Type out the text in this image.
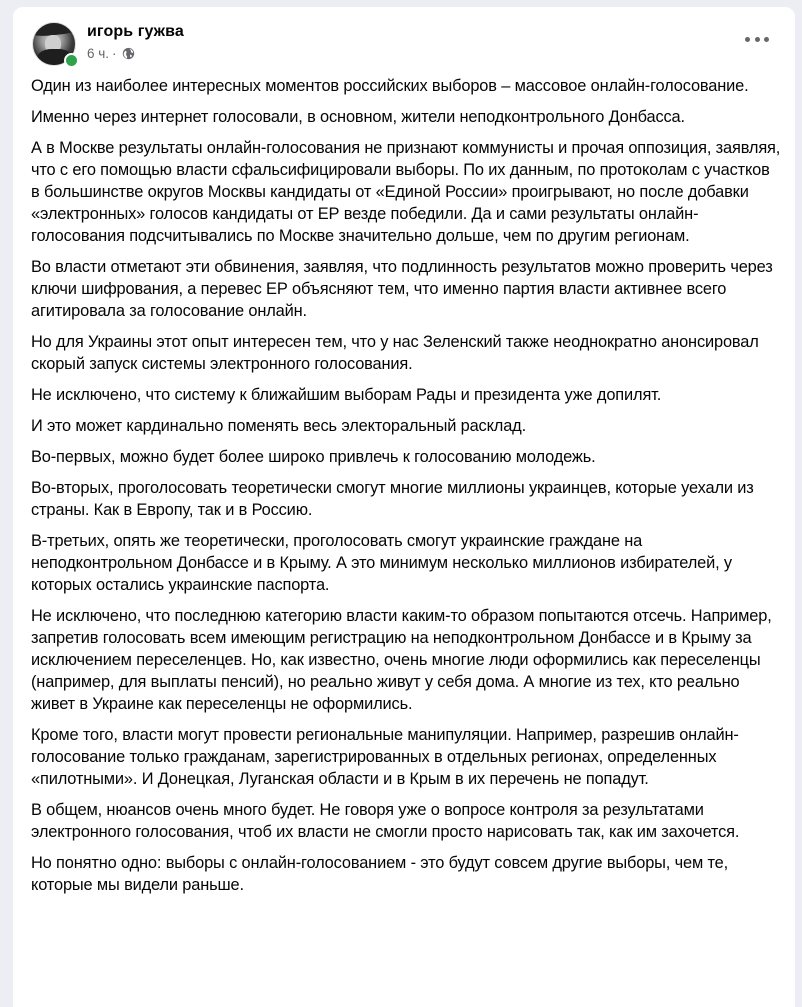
игорь гужва
6 ч. ·

Один из наиболее интересных моментов российских выборов – массовое онлайн-голосование.

Именно через интернет голосовали, в основном, жители неподконтрольного Донбасса.

А в Москве результаты онлайн-голосования не признают коммунисты и прочая оппозиция, заявляя, что с его помощью власти сфальсифицировали выборы. По их данным, по протоколам с участков в большинстве округов Москвы кандидаты от «Единой России» проигрывают, но после добавки «электронных» голосов кандидаты от ЕР везде победили. Да и сами результаты онлайн-голосования подсчитывались по Москве значительно дольше, чем по другим регионам.

Во власти отметают эти обвинения, заявляя, что подлинность результатов можно проверить через ключи шифрования, а перевес ЕР объясняют тем, что именно партия власти активнее всего агитировала за голосование онлайн.

Но для Украины этот опыт интересен тем, что у нас Зеленский также неоднократно анонсировал скорый запуск системы электронного голосования.

Не исключено, что систему к ближайшим выборам Рады и президента уже допилят.

И это может кардинально поменять весь электоральный расклад.

Во-первых, можно будет более широко привлечь к голосованию молодежь.

Во-вторых, проголосовать теоретически смогут многие миллионы украинцев, которые уехали из страны. Как в Европу, так и в Россию.

В-третьих, опять же теоретически, проголосовать смогут украинские граждане на неподконтрольном Донбассе и в Крыму. А это минимум несколько миллионов избирателей, у которых остались украинские паспорта.

Не исключено, что последнюю категорию власти каким-то образом попытаются отсечь. Например, запретив голосовать всем имеющим регистрацию на неподконтрольном Донбассе и в Крыму за исключением переселенцев. Но, как известно, очень многие люди оформились как переселенцы (например, для выплаты пенсий), но реально живут у себя дома. А многие из тех, кто реально живет в Украине как переселенцы не оформились.

Кроме того, власти могут провести региональные манипуляции. Например, разрешив онлайн-голосование только гражданам, зарегистрированных в отдельных регионах, определенных «пилотными». И Донецкая, Луганская области и в Крым в их перечень не попадут.

В общем, нюансов очень много будет. Не говоря уже о вопросе контроля за результатами электронного голосования, чтоб их власти не смогли просто нарисовать так, как им захочется.

Но понятно одно: выборы с онлайн-голосованием - это будут совсем другие выборы, чем те, которые мы видели раньше.
